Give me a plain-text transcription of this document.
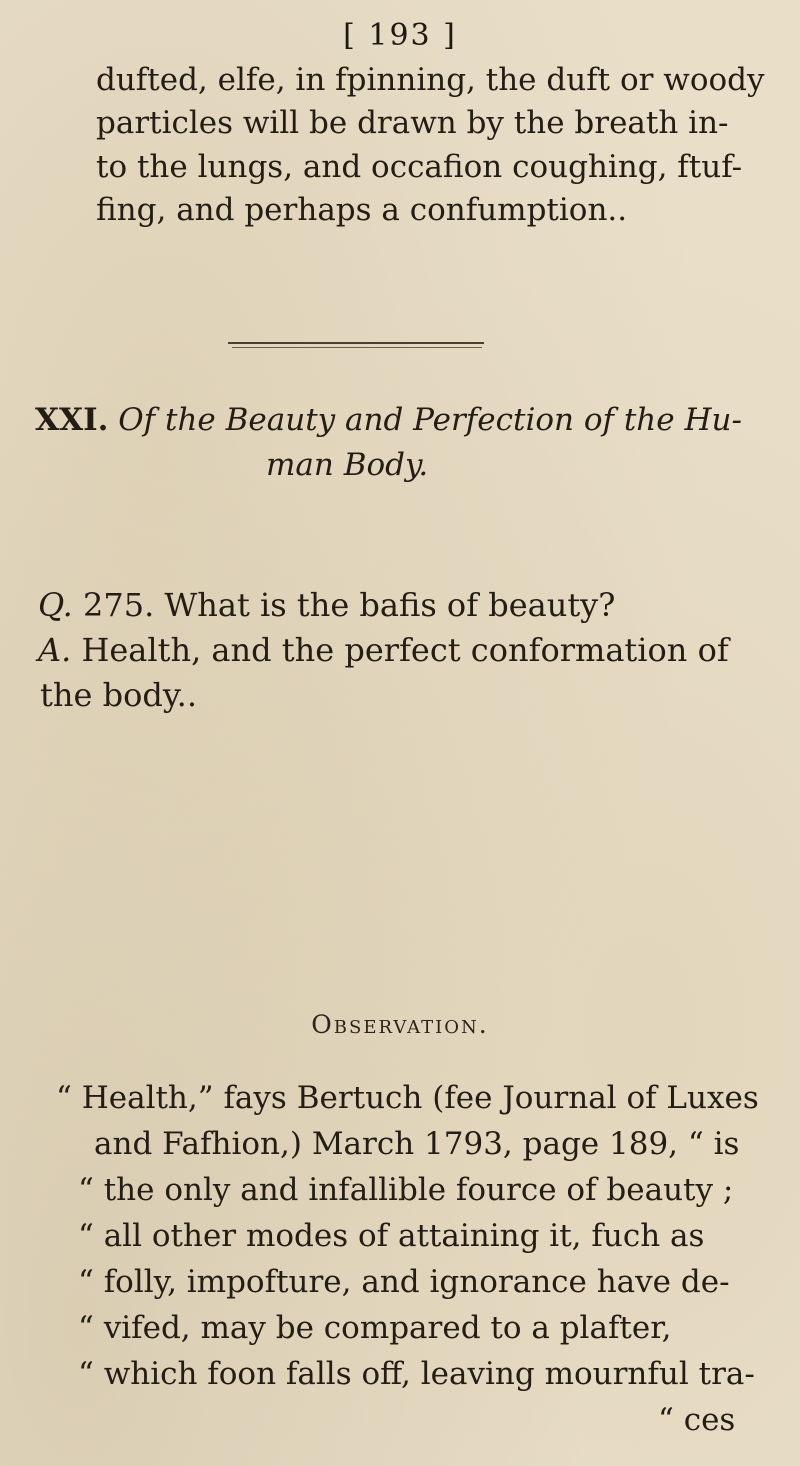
[ 193 ]
dufted, elfe, in fpinning, the duft or woody
particles will be drawn by the breath in-
to the lungs, and occafion coughing, ftuf-
fing, and perhaps a confumption..
XXI. Of the Beauty and Perfection of the Hu-
man Body.
Q. 275. What is the bafis of beauty?
A. Health, and the perfect conformation of
the body..
Observation.
“ Health,” fays Bertuch (fee Journal of Luxes
and Fafhion,) March 1793, page 189, “ is
“ the only and infallible fource of beauty ;
“ all other modes of attaining it, fuch as
“ folly, impofture, and ignorance have de-
“ vifed, may be compared to a plafter,
“ which foon falls off, leaving mournful tra-
“ ces
